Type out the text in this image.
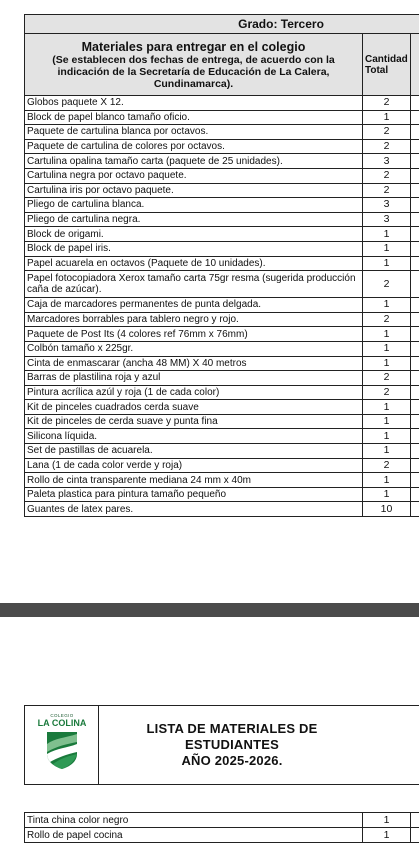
Grado: Tercero		

Materiales para entregar en el colegio
(Se establecen dos fechas de entrega, de acuerdo con la indicación de la Secretaría de Educación de La Calera, Cundinamarca).	Cantidad Total	
Globos paquete X 12.	2	
Block de papel blanco tamaño oficio.	1	
Paquete de cartulina blanca por octavos.	2	
Paquete de cartulina de colores por octavos.	2	
Cartulina opalina tamaño carta (paquete de 25 unidades).	3	
Cartulina negra por octavo paquete.	2	
Cartulina iris por octavo paquete.	2	
Pliego de cartulina blanca.	3	
Pliego de cartulina negra.	3	
Block de origami.	1	
Block de papel iris.	1	
Papel acuarela en octavos (Paquete de 10 unidades).	1	
Papel fotocopiadora Xerox tamaño carta 75gr resma (sugerida producción caña de azúcar).	2	
Caja de marcadores permanentes de punta delgada.	1	
Marcadores borrables para tablero negro y rojo.	2	
Paquete de Post Its (4 colores ref 76mm x 76mm)	1	
Colbón tamaño x 225gr.	1	
Cinta de enmascarar (ancha 48 MM) X 40 metros	1	
Barras de plastilina roja y azul	2	
Pintura acrílica azúl y roja (1 de cada color)	2	
Kit de pinceles cuadrados cerda suave	1	
Kit de pinceles de cerda suave y punta fina	1	
Silicona líquida.	1	
Set de pastillas de acuarela.	1	
Lana (1 de cada color verde y roja)	2	
Rollo de cinta transparente mediana 24 mm x 40m	1	
Paleta plastica para pintura tamaño pequeño	1	
Guantes de latex pares.	10	
COLEGIO
LA COLINA	LISTA DE MATERIALES DE
ESTUDIANTES
AÑO 2025-2026.
Tinta china color negro	1	
Rollo de papel cocina	1	
